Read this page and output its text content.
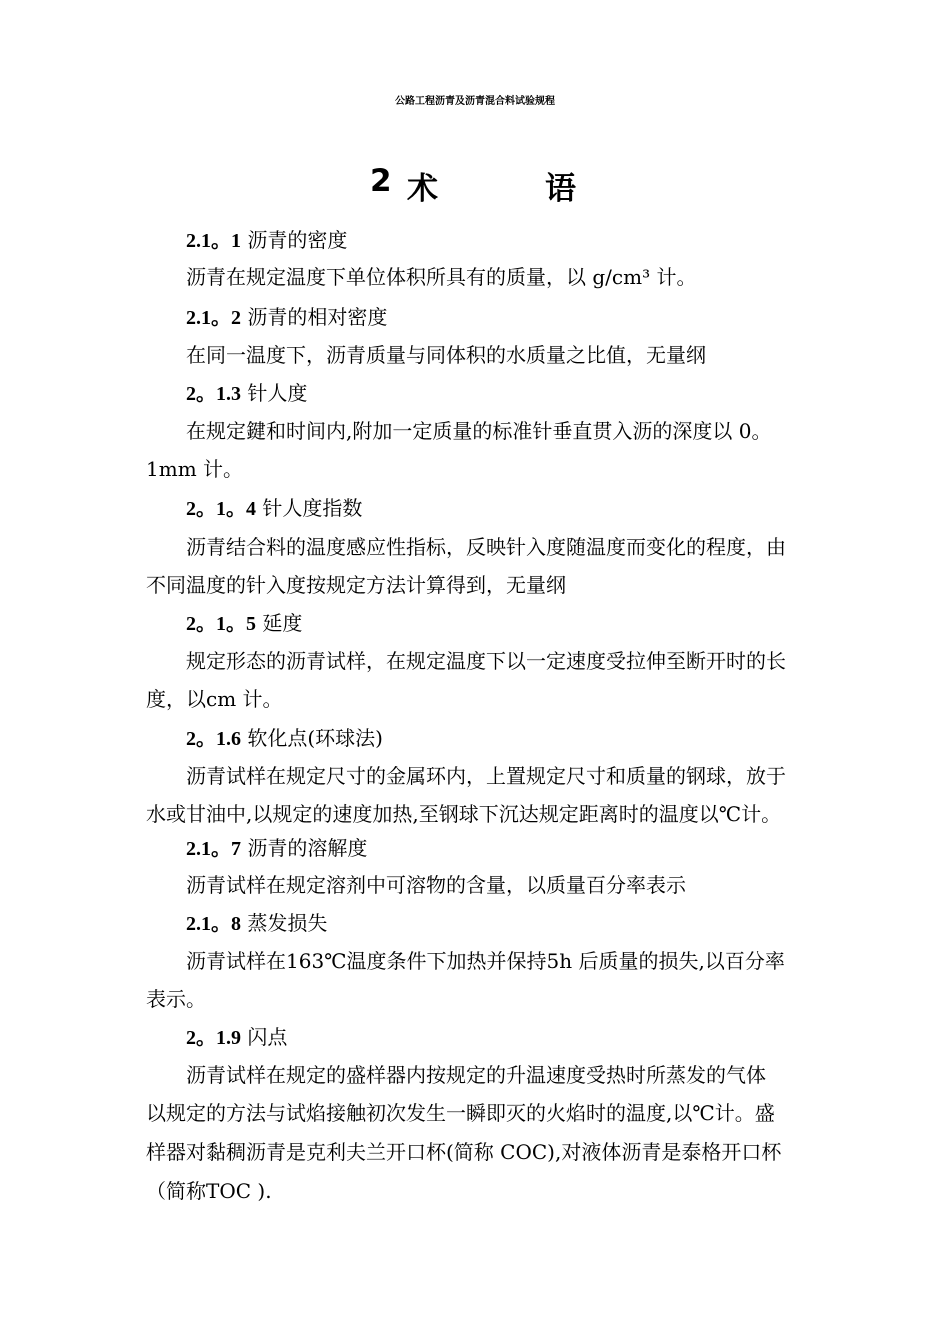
公路工程沥青及沥青混合料试验规程
2 术	语
2.1。1 沥青的密度
沥青在规定温度下单位体积所具有的质量，以 g/cm³ 计。
2.1。2 沥青的相对密度
在同一温度下，沥青质量与同体积的水质量之比值，无量纲
2。1.3 针人度
在规定鍵和时间内,附加一定质量的标准针垂直贯入沥的深度以 0。
1mm 计。
2。1。4 针人度指数
沥青结合料的温度感应性指标，反映针入度随温度而变化的程度，由
不同温度的针入度按规定方法计算得到，无量纲
2。1。5 延度
规定形态的沥青试样，在规定温度下以一定速度受拉伸至断开时的长
度，以cm 计。
2。1.6 软化点(环球法)
沥青试样在规定尺寸的金属环内，上置规定尺寸和质量的钢球，放于
水或甘油中,以规定的速度加热,至钢球下沉达规定距离时的温度以℃计。
2.1。7 沥青的溶解度
沥青试样在规定溶剂中可溶物的含量，以质量百分率表示
2.1。8 蒸发损失
沥青试样在163℃温度条件下加热并保持5h 后质量的损失,以百分率
表示。
2。1.9 闪点
沥青试样在规定的盛样器内按规定的升温速度受热时所蒸发的气体
以规定的方法与试焰接触初次发生一瞬即灭的火焰时的温度,以℃计。盛
样器对黏稠沥青是克利夫兰开口杯(简称 COC),对液体沥青是泰格开口杯
（简称TOC ).
